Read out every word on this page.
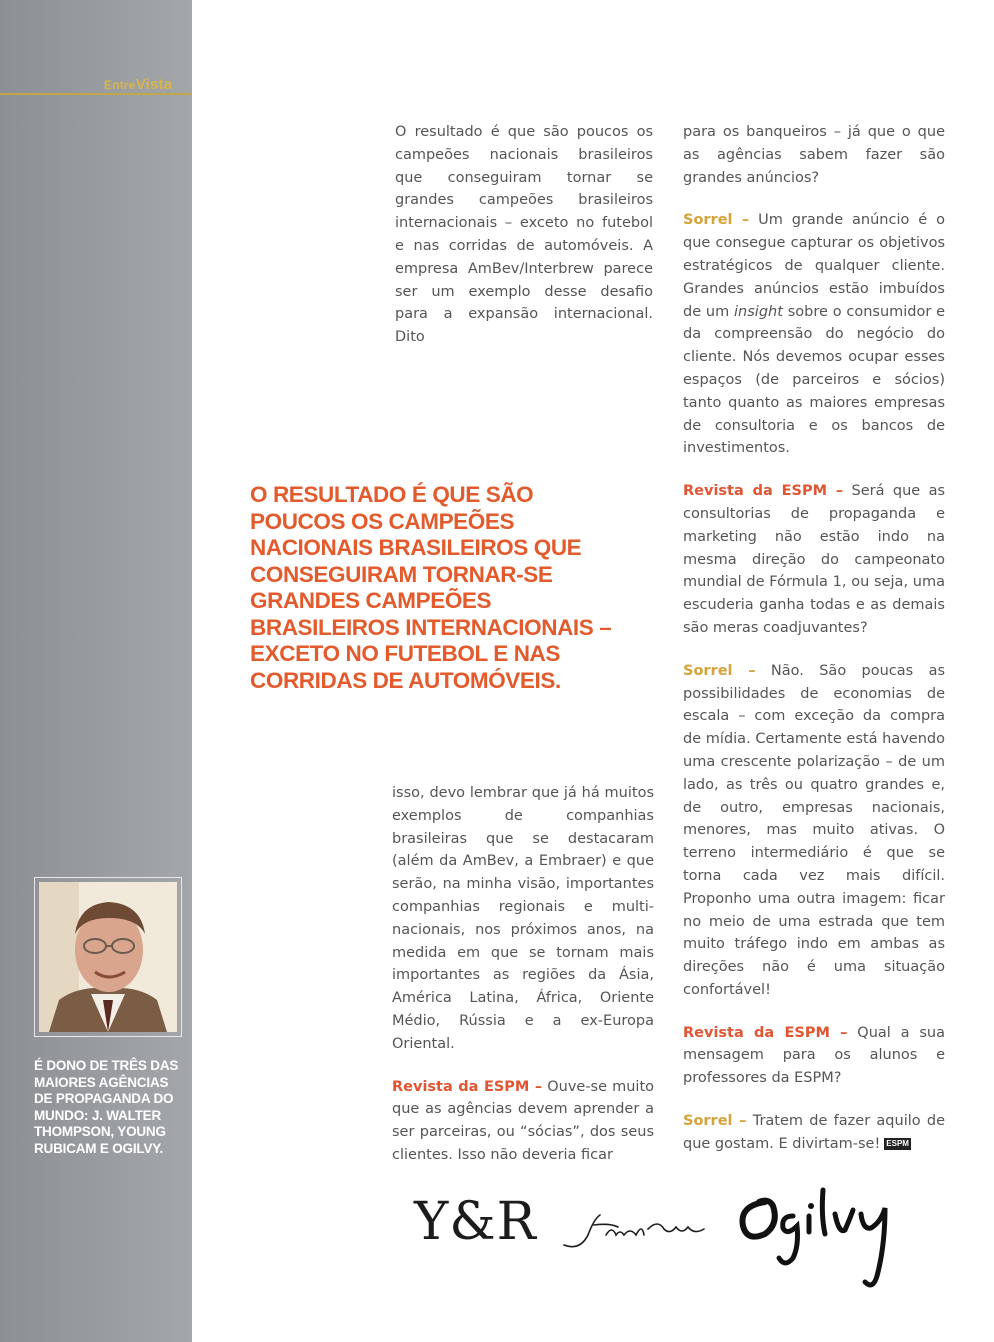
EntreVista
É DONO DE TRÊS DAS MAIORES AGÊNCIAS DE PROPAGANDA DO MUNDO: J. WALTER THOMPSON, YOUNG RUBICAM E OGILVY.

O resultado é que são poucos os campeões nacionais brasileiros que conseguiram tornar se grandes campeões brasileiros internacionais – exceto no futebol e nas corridas de automóveis. A empresa AmBev/Interbrew parece ser um exemplo desse desafio para a expansão internacional. Dito

O RESULTADO É QUE SÃO POUCOS OS CAMPEÕES NACIONAIS BRASILEIROS QUE CONSEGUIRAM TORNAR-SE GRANDES CAMPEÕES BRASILEIROS INTERNACIONAIS – EXCETO NO FUTEBOL E NAS CORRIDAS DE AUTOMÓVEIS.

isso, devo lembrar que já há muitos exemplos de companhias brasileiras que se destacaram (além da AmBev, a Embraer) e que serão, na minha visão, importantes companhias regionais e multi-nacionais, nos próximos anos, na medida em que se tornam mais importantes as regiões da Ásia, América Latina, África, Oriente Médio, Rússia e a ex-Europa Oriental.

Revista da ESPM – Ouve-se muito que as agências devem aprender a ser parceiras, ou “sócias”, dos seus clientes. Isso não deveria ficar

para os banqueiros – já que o que as agências sabem fazer são grandes anúncios?

Sorrel – Um grande anúncio é o que consegue capturar os objetivos estratégicos de qualquer cliente. Grandes anúncios estão imbuídos de um insight sobre o consumidor e da compreensão do negócio do cliente. Nós devemos ocupar esses espaços (de parceiros e sócios) tanto quanto as maiores empresas de consultoria e os bancos de investimentos.

Revista da ESPM – Será que as consultorias de propaganda e marketing não estão indo na mesma direção do campeonato mundial de Fórmula 1, ou seja, uma escuderia ganha todas e as demais são meras coadjuvantes?

Sorrel – Não. São poucas as possibilidades de economias de escala – com exceção da compra de mídia. Certamente está havendo uma crescente polarização – de um lado, as três ou quatro grandes e, de outro, empresas nacionais, menores, mas muito ativas. O terreno intermediário é que se torna cada vez mais difícil. Proponho uma outra imagem: ficar no meio de uma estrada que tem muito tráfego indo em ambas as direções não é uma situação confortável!

Revista da ESPM – Qual a sua mensagem para os alunos e professores da ESPM?

Sorrel – Tratem de fazer aquilo de que gostam. E divirtam-se! ESPM

Y&R
